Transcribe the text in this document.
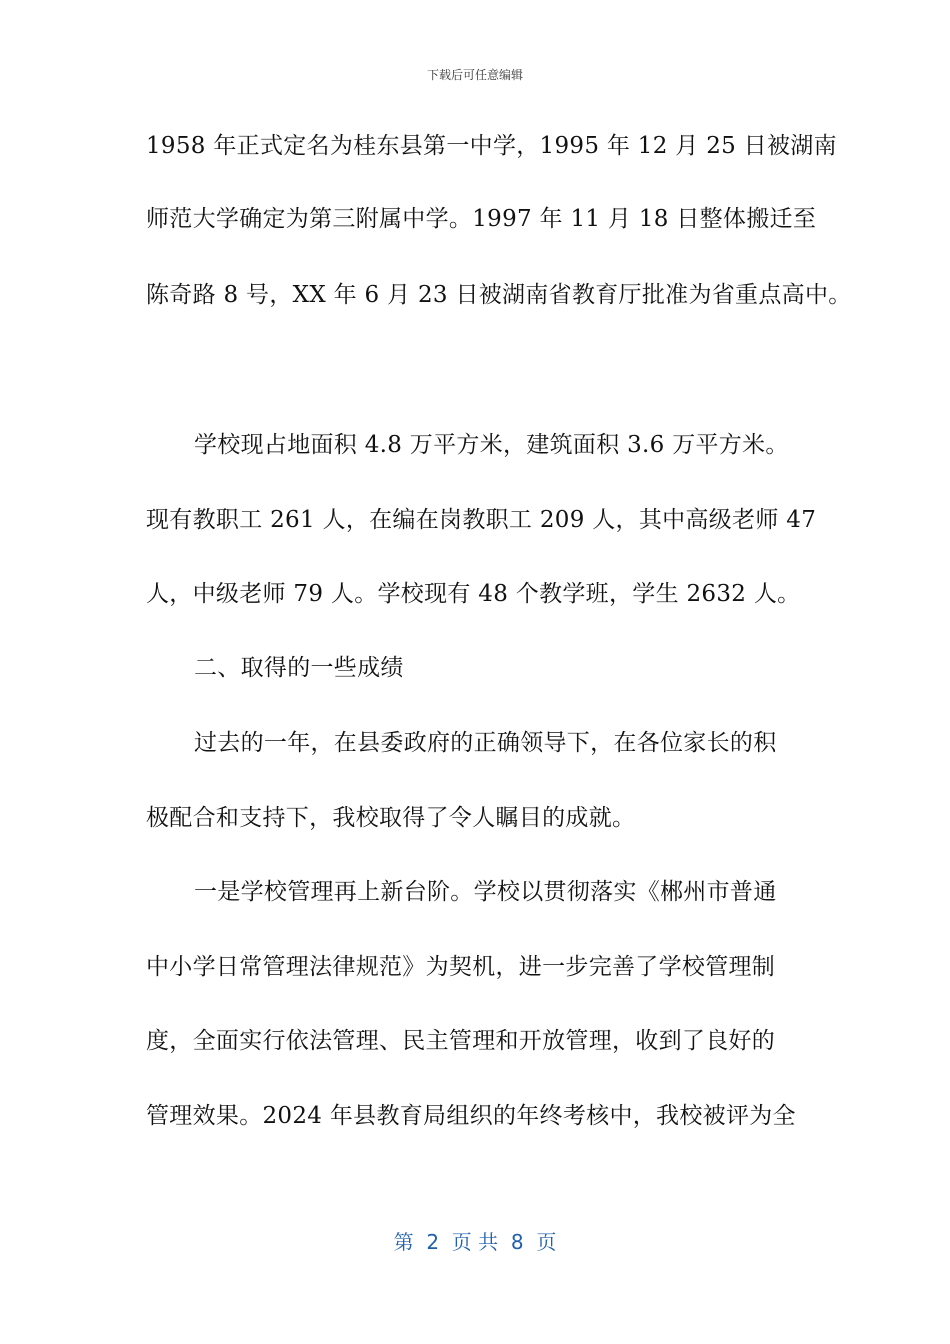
下载后可任意编辑
1958 年正式定名为桂东县第一中学，1995 年 12 月 25 日被湖南
师范大学确定为第三附属中学。1997 年 11 月 18 日整体搬迁至
陈奇路 8 号，XX 年 6 月 23 日被湖南省教育厅批准为省重点高中。
学校现占地面积 4.8 万平方米，建筑面积 3.6 万平方米。
现有教职工 261 人，在编在岗教职工 209 人，其中高级老师 47
人，中级老师 79 人。学校现有 48 个教学班，学生 2632 人。
二、取得的一些成绩
过去的一年，在县委政府的正确领导下，在各位家长的积
极配合和支持下，我校取得了令人瞩目的成就。
一是学校管理再上新台阶。学校以贯彻落实《郴州市普通
中小学日常管理法律规范》为契机，进一步完善了学校管理制
度，全面实行依法管理、民主管理和开放管理，收到了良好的
管理效果。2024 年县教育局组织的年终考核中，我校被评为全
第  2  页 共  8  页
